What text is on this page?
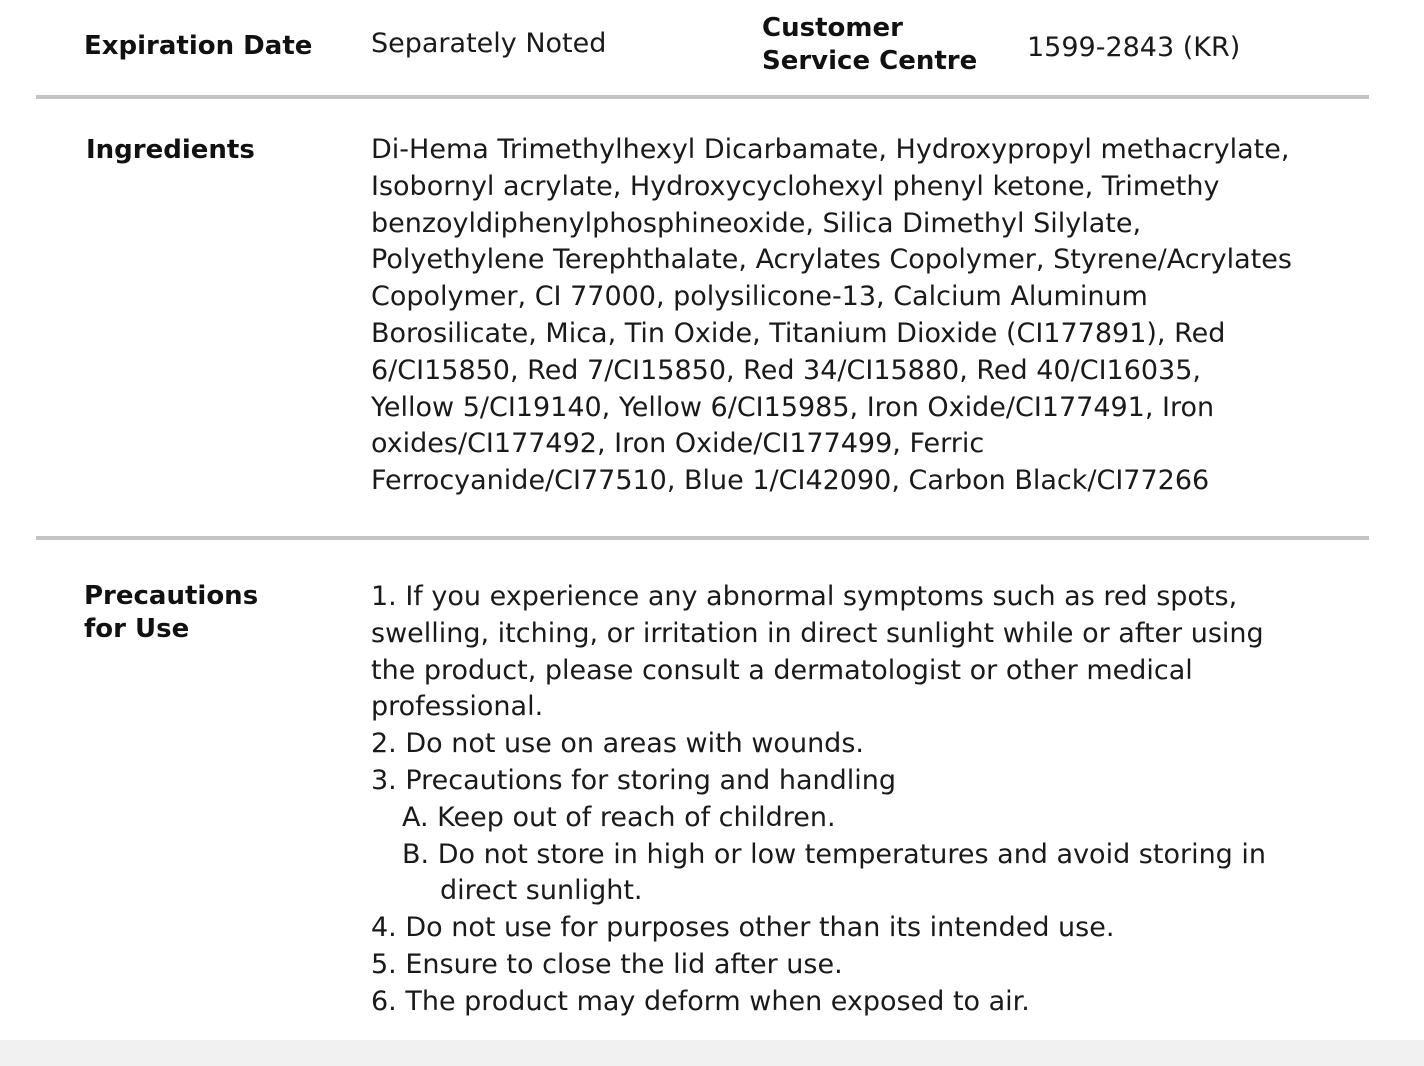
Expiration Date Separately Noted	Customer
Service Centre 1599-2843 (KR)
Ingredients	Di-Hema Trimethylhexyl Dicarbamate, Hydroxypropyl methacrylate,
Isobornyl acrylate, Hydroxycyclohexyl phenyl ketone, Trimethy
benzoyldiphenylphosphineoxide, Silica Dimethyl Silylate,
Polyethylene Terephthalate, Acrylates Copolymer, Styrene/Acrylates
Copolymer, CI 77000, polysilicone-13, Calcium Aluminum
Borosilicate, Mica, Tin Oxide, Titanium Dioxide (CI177891), Red
6/CI15850, Red 7/CI15850, Red 34/CI15880, Red 40/CI16035,
Yellow 5/CI19140, Yellow 6/CI15985, Iron Oxide/CI177491, Iron
oxides/CI177492, Iron Oxide/CI177499, Ferric
Ferrocyanide/CI77510, Blue 1/CI42090, Carbon Black/CI77266
Precautions
for Use
1. If you experience any abnormal symptoms such as red spots,
swelling, itching, or irritation in direct sunlight while or after using
the product, please consult a dermatologist or other medical
professional.
2. Do not use on areas with wounds.
3. Precautions for storing and handling
A. Keep out of reach of children.
B. Do not store in high or low temperatures and avoid storing in
direct sunlight.
4. Do not use for purposes other than its intended use.
5. Ensure to close the lid after use.
6. The product may deform when exposed to air.
